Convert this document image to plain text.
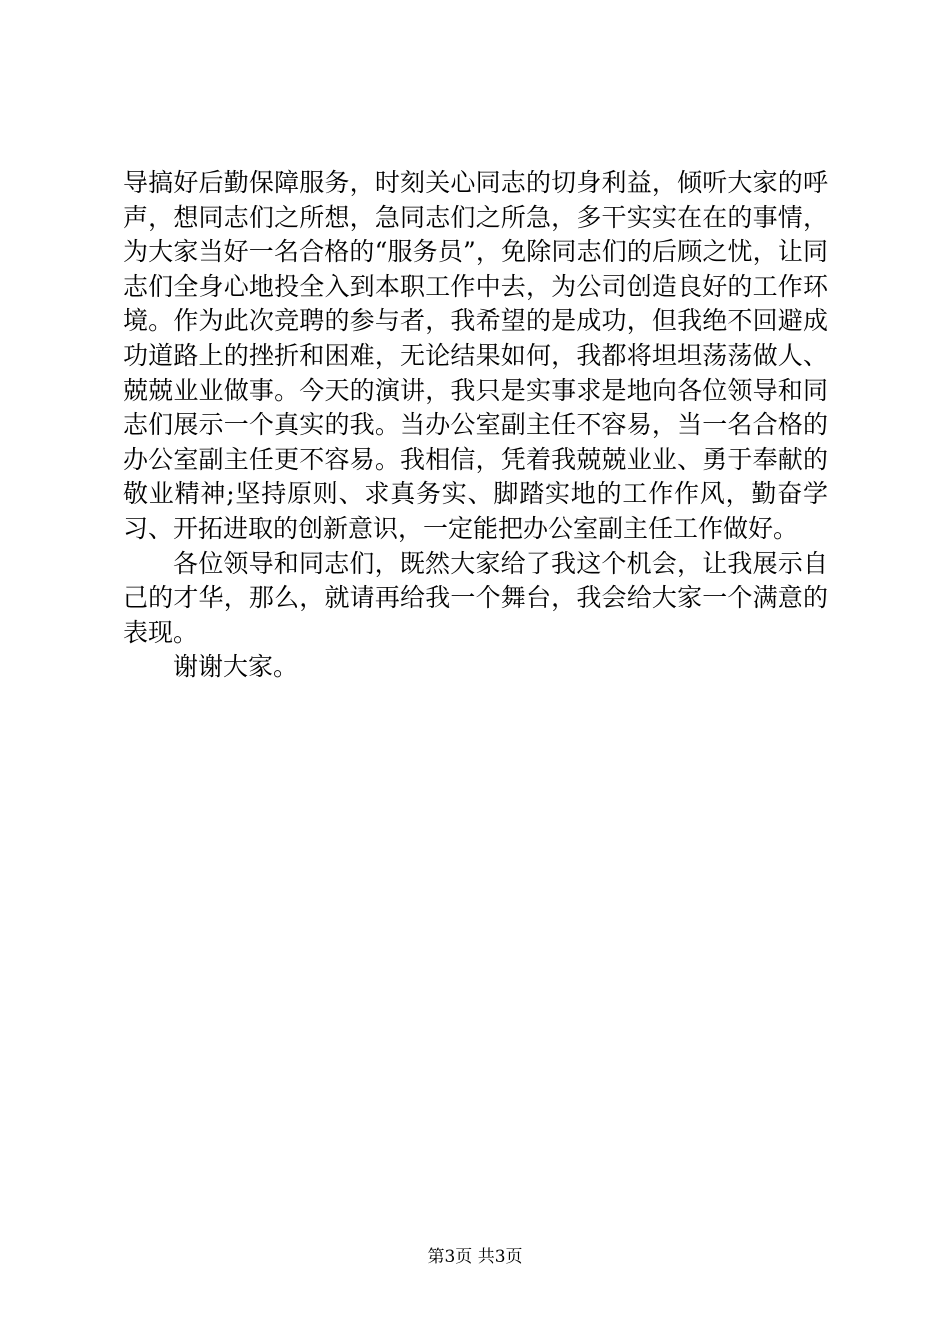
导搞好后勤保障服务，时刻关心同志的切身利益，倾听大家的呼声，想同志们之所想，急同志们之所急，多干实实在在的事情，为大家当好一名合格的“服务员”，免除同志们的后顾之忧，让同志们全身心地投全入到本职工作中去，为公司创造良好的工作环境。作为此次竞聘的参与者，我希望的是成功，但我绝不回避成功道路上的挫折和困难，无论结果如何，我都将坦坦荡荡做人、兢兢业业做事。今天的演讲，我只是实事求是地向各位领导和同志们展示一个真实的我。当办公室副主任不容易，当一名合格的办公室副主任更不容易。我相信，凭着我兢兢业业、勇于奉献的敬业精神;坚持原则、求真务实、脚踏实地的工作作风，勤奋学习、开拓进取的创新意识，一定能把办公室副主任工作做好。

各位领导和同志们，既然大家给了我这个机会，让我展示自己的才华，那么，就请再给我一个舞台，我会给大家一个满意的表现。

谢谢大家。

第3页 共3页
